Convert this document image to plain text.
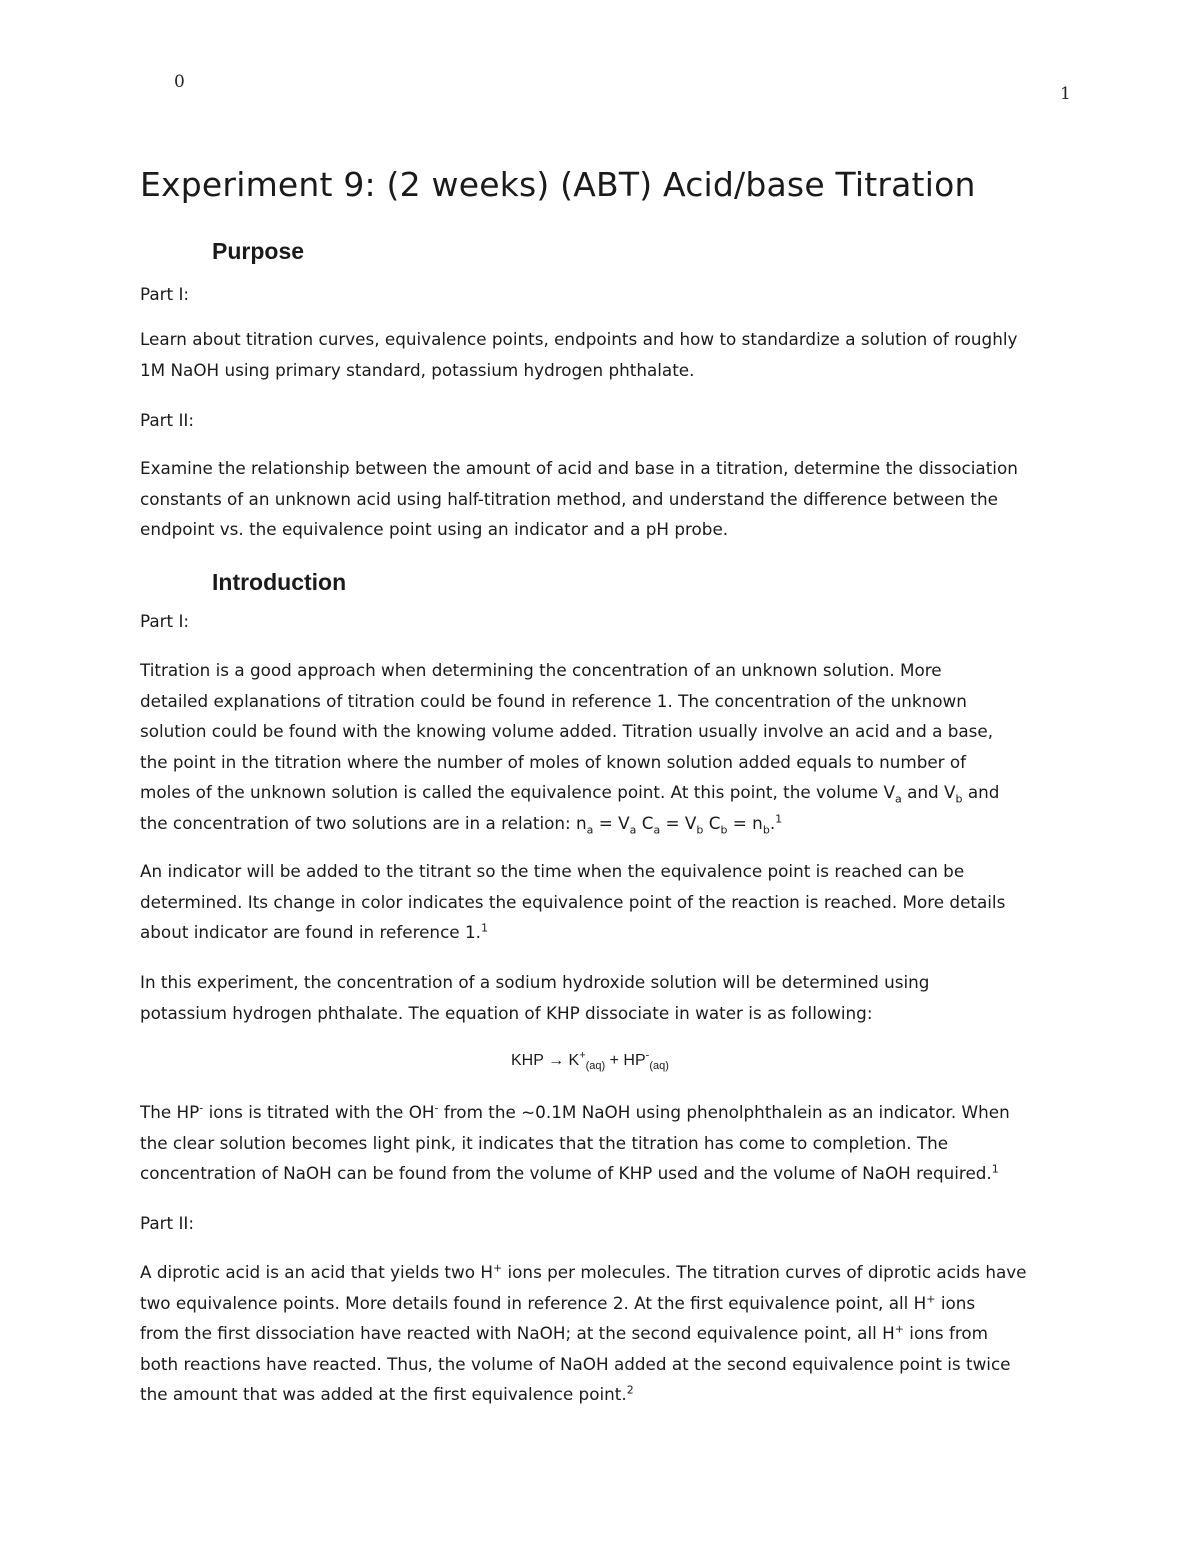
0
1
Experiment 9: (2 weeks) (ABT) Acid/base Titration
Purpose
Part I:
Learn about titration curves, equivalence points, endpoints and how to standardize a solution of roughly
1M NaOH using primary standard, potassium hydrogen phthalate.
Part II:
Examine the relationship between the amount of acid and base in a titration, determine the dissociation
constants of an unknown acid using half-titration method, and understand the difference between the
endpoint vs. the equivalence point using an indicator and a pH probe.
Introduction
Part I:
Titration is a good approach when determining the concentration of an unknown solution. More
detailed explanations of titration could be found in reference 1. The concentration of the unknown
solution could be found with the knowing volume added. Titration usually involve an acid and a base,
the point in the titration where the number of moles of known solution added equals to number of
moles of the unknown solution is called the equivalence point. At this point, the volume $V_a$ and $V_b$ and
the concentration of two solutions are in a relation: $n_a = V_a$ $C_a = V_b$ $C_b = n_b.^1$
An indicator will be added to the titrant so the time when the equivalence point is reached can be
determined. Its change in color indicates the equivalence point of the reaction is reached. More details
about indicator are found in reference 1.$^1$
In this experiment, the concentration of a sodium hydroxide solution will be determined using
potassium hydrogen phthalate. The equation of KHP dissociate in water is as following:
KHP → $K^+_{(aq)} + HP^-_{(aq)}$
The HP- ions is titrated with the OH- from the ~0.1M NaOH using phenolphthalein as an indicator. When
the clear solution becomes light pink, it indicates that the titration has come to completion. The
concentration of NaOH can be found from the volume of KHP used and the volume of NaOH required.$^1$
Part II:
A diprotic acid is an acid that yields two H+ ions per molecules. The titration curves of diprotic acids have
two equivalence points. More details found in reference 2. At the first equivalence point, all H+ ions
from the first dissociation have reacted with NaOH; at the second equivalence point, all H+ ions from
both reactions have reacted. Thus, the volume of NaOH added at the second equivalence point is twice
the amount that was added at the first equivalence point.$^2$
